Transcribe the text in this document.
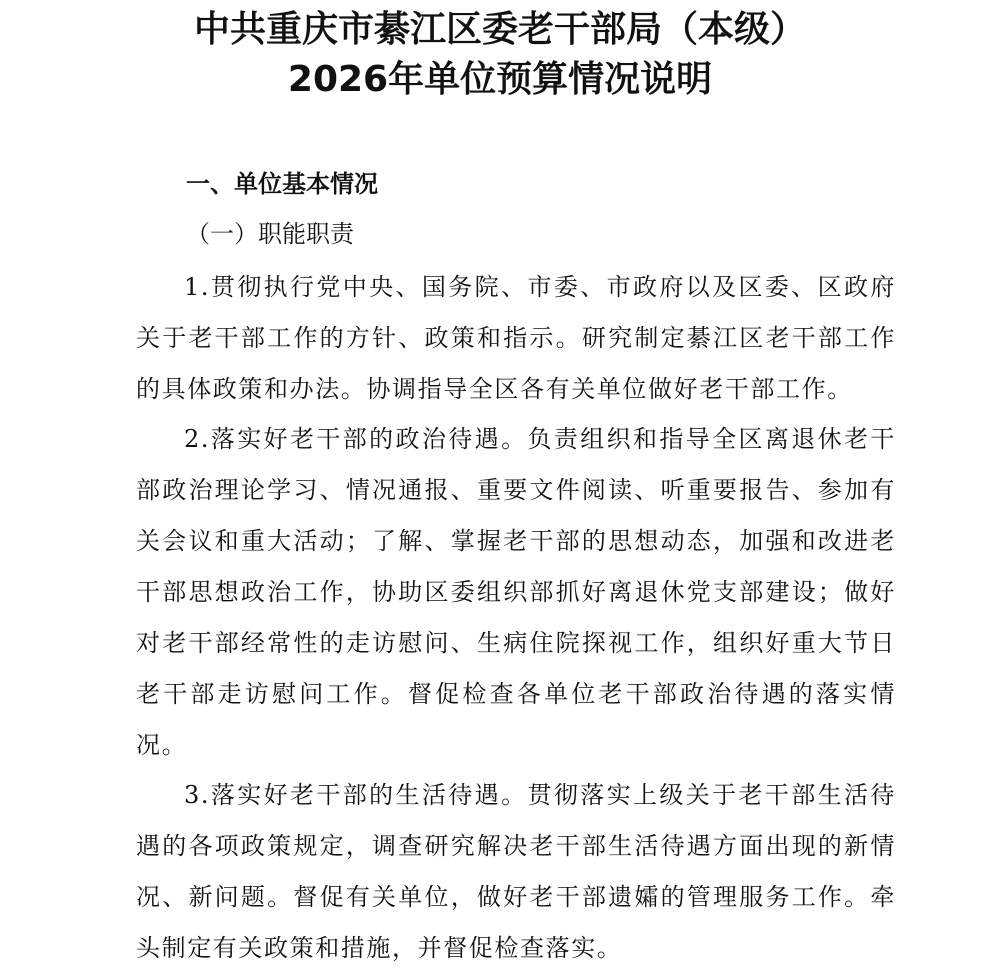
中共重庆市綦江区委老干部局（本级）
2026年单位预算情况说明
一、单位基本情况
（一）职能职责

1.贯彻执行党中央、国务院、市委、市政府以及区委、区政府关于老干部工作的方针、政策和指示。研究制定綦江区老干部工作的具体政策和办法。协调指导全区各有关单位做好老干部工作。

2.落实好老干部的政治待遇。负责组织和指导全区离退休老干部政治理论学习、情况通报、重要文件阅读、听重要报告、参加有关会议和重大活动；了解、掌握老干部的思想动态，加强和改进老干部思想政治工作，协助区委组织部抓好离退休党支部建设；做好对老干部经常性的走访慰问、生病住院探视工作，组织好重大节日老干部走访慰问工作。督促检查各单位老干部政治待遇的落实情况。

3.落实好老干部的生活待遇。贯彻落实上级关于老干部生活待遇的各项政策规定，调查研究解决老干部生活待遇方面出现的新情况、新问题。督促有关单位，做好老干部遗孀的管理服务工作。牵头制定有关政策和措施，并督促检查落实。
